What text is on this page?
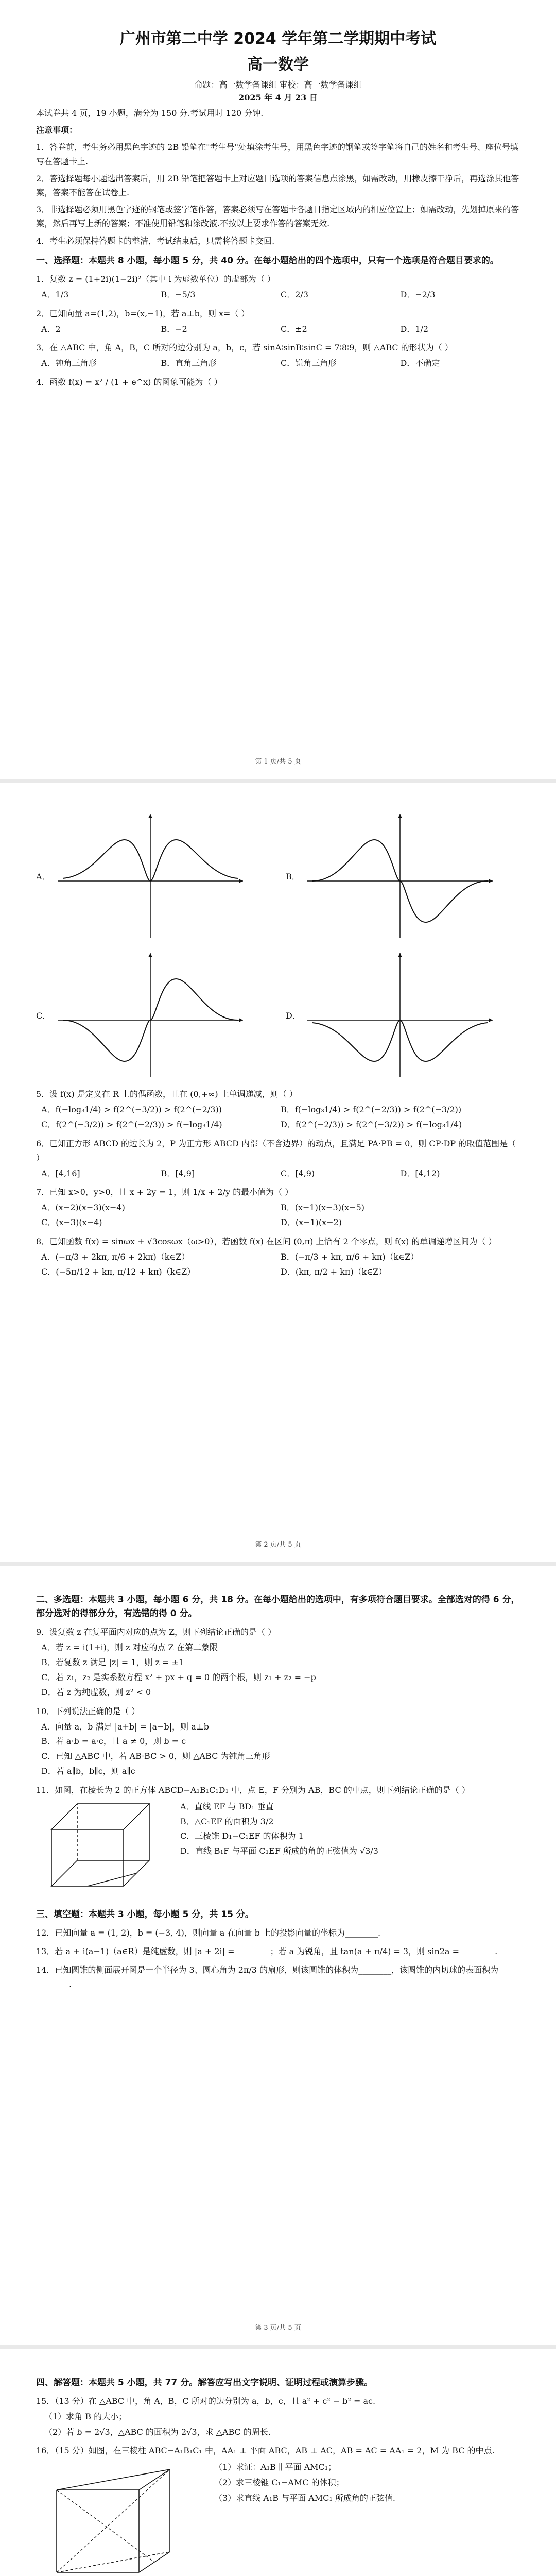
广州市第二中学 2024 学年第二学期期中考试
高一数学
命题：高一数学备课组 审校：高一数学备课组
2025 年 4 月 23 日
本试卷共 4 页，19 小题，满分为 150 分.考试用时 120 分钟.
注意事项：
1．答卷前，考生务必用黑色字迹的 2B 铅笔在"考生号"处填涂考生号，用黑色字迹的钢笔或签字笔将自己的姓名和考生号、座位号填写在答题卡上.
2．答选择题每小题选出答案后，用 2B 铅笔把答题卡上对应题目选项的答案信息点涂黑，如需改动，用橡皮擦干净后，再选涂其他答案，答案不能答在试卷上.
3．非选择题必须用黑色字迹的钢笔或签字笔作答，答案必须写在答题卡各题目指定区域内的相应位置上；如需改动，先划掉原来的答案，然后再写上新的答案；不准使用铅笔和涂改液.不按以上要求作答的答案无效.
4．考生必须保持答题卡的整洁，考试结束后，只需将答题卡交回.
一、选择题：本题共 8 小题，每小题 5 分，共 40 分。在每小题给出的四个选项中，只有一个选项是符合题目要求的。
1．复数 z = (1+2i)(1−2i)²（其中 i 为虚数单位）的虚部为（ ）
A．1/3	B．−5/3	C．2/3	D．−2/3
2．已知向量 a=(1,2)，b=(x,−1)，若 a⊥b，则 x=（ ）
A．2	B．−2	C．±2	D．1/2
3．在 △ABC 中，角 A，B，C 所对的边分别为 a，b，c，若 sinA∶sinB∶sinC = 7∶8∶9，则 △ABC 的形状为（ ）
A．钝角三角形	B．直角三角形	C．锐角三角形	D．不确定
4．函数 f(x) = x² / (1 + e^x) 的图象可能为（ ）
第 1 页/共 5 页
A．	B．
C．	D．
5．设 f(x) 是定义在 R 上的偶函数，且在 (0,+∞) 上单调递减，则（ ）
A．f(−log₃1/4) > f(2^(−3/2)) > f(2^(−2/3))	B．f(−log₃1/4) > f(2^(−2/3)) > f(2^(−3/2))
C．f(2^(−3/2)) > f(2^(−2/3)) > f(−log₃1/4)	D．f(2^(−2/3)) > f(2^(−3/2)) > f(−log₃1/4)
6．已知正方形 ABCD 的边长为 2，P 为正方形 ABCD 内部（不含边界）的动点，且满足 PA·PB = 0，则 CP·DP 的取值范围是（ ）
A．[4,16]	B．[4,9]	C．[4,9)	D．[4,12)
7．已知 x>0，y>0，且 x + 2y = 1，则 1/x + 2/y 的最小值为（ ）
A．(x−2)(x−3)(x−4)	B．(x−1)(x−3)(x−5)
C．(x−3)(x−4)	D．(x−1)(x−2)
8．已知函数 f(x) = sinωx + √3cosωx（ω>0），若函数 f(x) 在区间 (0,π) 上恰有 2 个零点，则 f(x) 的单调递增区间为（ ）
A．(−π/3 + 2kπ, π/6 + 2kπ)（k∈Z）	B．(−π/3 + kπ, π/6 + kπ)（k∈Z）
C．(−5π/12 + kπ, π/12 + kπ)（k∈Z）	D．(kπ, π/2 + kπ)（k∈Z）
第 2 页/共 5 页
二、多选题：本题共 3 小题，每小题 6 分，共 18 分。在每小题给出的选项中，有多项符合题目要求。全部选对的得 6 分，部分选对的得部分分，有选错的得 0 分。
9．设复数 z 在复平面内对应的点为 Z，则下列结论正确的是（ ）
A．若 z = i(1+i)，则 z 对应的点 Z 在第二象限
B．若复数 z 满足 |z| = 1，则 z = ±1
C．若 z₁，z₂ 是实系数方程 x² + px + q = 0 的两个根，则 z₁ + z₂ = −p
D．若 z 为纯虚数，则 z² < 0
10．下列说法正确的是（ ）
A．向量 a，b 满足 |a+b| = |a−b|，则 a⊥b
B．若 a·b = a·c，且 a ≠ 0，则 b = c
C．已知 △ABC 中，若 AB·BC > 0，则 △ABC 为钝角三角形
D．若 a∥b，b∥c，则 a∥c
11．如图，在棱长为 2 的正方体 ABCD−A₁B₁C₁D₁ 中，点 E，F 分别为 AB，BC 的中点，则下列结论正确的是（ ）
A．直线 EF 与 BD₁ 垂直
B．△C₁EF 的面积为 3/2
C．三棱锥 D₁−C₁EF 的体积为 1
D．直线 B₁F 与平面 C₁EF 所成的角的正弦值为 √3/3
三、填空题：本题共 3 小题，每小题 5 分，共 15 分。
12．已知向量 a = (1, 2)，b = (−3, 4)，则向量 a 在向量 b 上的投影向量的坐标为________.
13．若 a + i(a−1)（a∈R）是纯虚数，则 |a + 2i| = ________；若 a 为锐角，且 tan(a + π/4) = 3，则 sin2a = ________.
14．已知圆锥的侧面展开图是一个半径为 3、圆心角为 2π/3 的扇形，则该圆锥的体积为________，该圆锥的内切球的表面积为________.
第 3 页/共 5 页
四、解答题：本题共 5 小题，共 77 分。解答应写出文字说明、证明过程或演算步骤。
15．（13 分）在 △ABC 中，角 A，B，C 所对的边分别为 a，b，c，且 a² + c² − b² = ac.
（1）求角 B 的大小；
（2）若 b = 2√3，△ABC 的面积为 2√3，求 △ABC 的周长.
16．（15 分）如图，在三棱柱 ABC−A₁B₁C₁ 中，AA₁ ⊥ 平面 ABC，AB ⊥ AC，AB = AC = AA₁ = 2，M 为 BC 的中点.
（1）求证：A₁B ∥ 平面 AMC₁；
（2）求三棱锥 C₁−AMC 的体积；
（3）求直线 A₁B 与平面 AMC₁ 所成角的正弦值.
